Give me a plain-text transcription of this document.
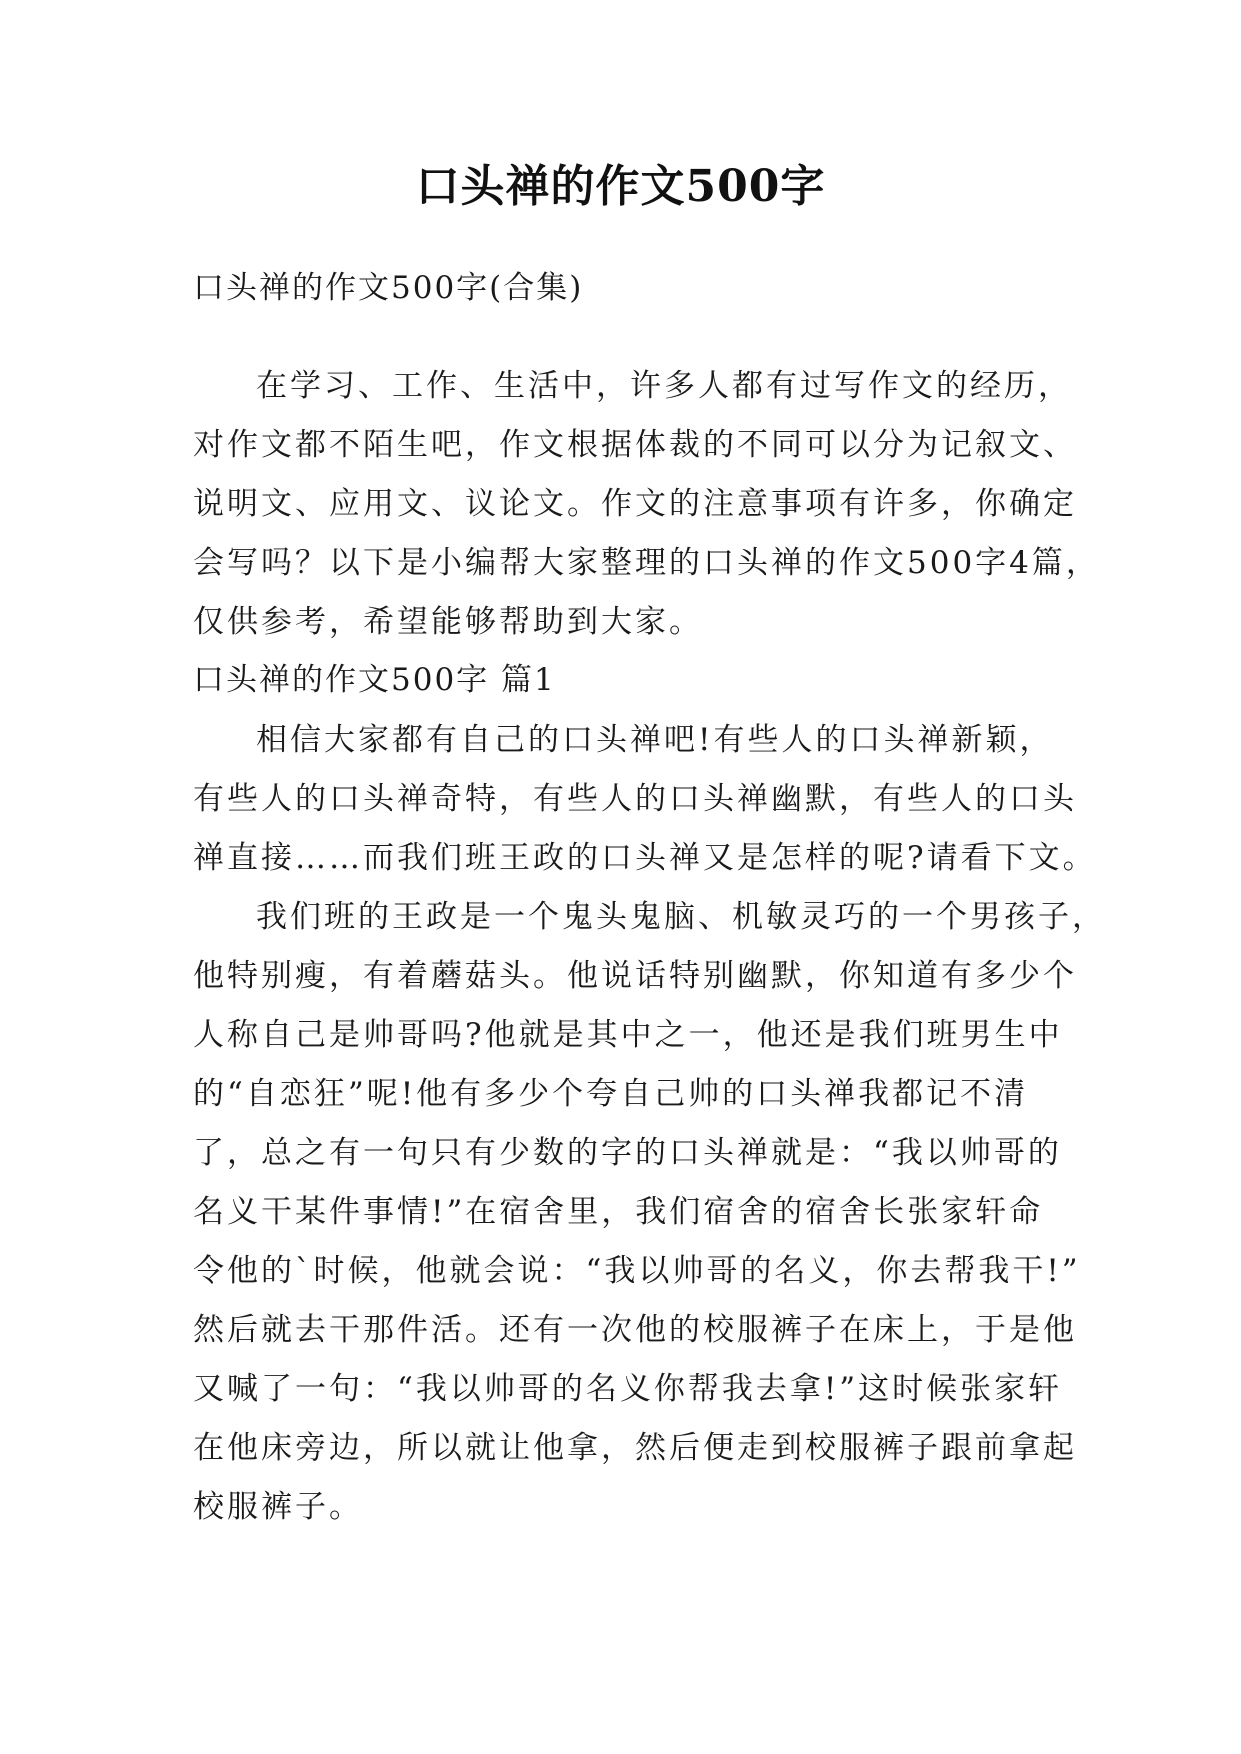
口头禅的作文500字
口头禅的作文500字(合集)
在学习、工作、生活中，许多人都有过写作文的经历，
对作文都不陌生吧，作文根据体裁的不同可以分为记叙文、
说明文、应用文、议论文。作文的注意事项有许多，你确定
会写吗？以下是小编帮大家整理的口头禅的作文500字4篇，
仅供参考，希望能够帮助到大家。
口头禅的作文500字 篇1
相信大家都有自己的口头禅吧!有些人的口头禅新颖，
有些人的口头禅奇特，有些人的口头禅幽默，有些人的口头
禅直接……而我们班王政的口头禅又是怎样的呢?请看下文。
我们班的王政是一个鬼头鬼脑、机敏灵巧的一个男孩子，
他特别瘦，有着蘑菇头。他说话特别幽默，你知道有多少个
人称自己是帅哥吗?他就是其中之一，他还是我们班男生中
的“自恋狂”呢!他有多少个夸自己帅的口头禅我都记不清
了，总之有一句只有少数的字的口头禅就是：“我以帅哥的
名义干某件事情!”在宿舍里，我们宿舍的宿舍长张家轩命
令他的`时候，他就会说：“我以帅哥的名义，你去帮我干!”
然后就去干那件活。还有一次他的校服裤子在床上，于是他
又喊了一句：“我以帅哥的名义你帮我去拿!”这时候张家轩
在他床旁边，所以就让他拿，然后便走到校服裤子跟前拿起
校服裤子。
